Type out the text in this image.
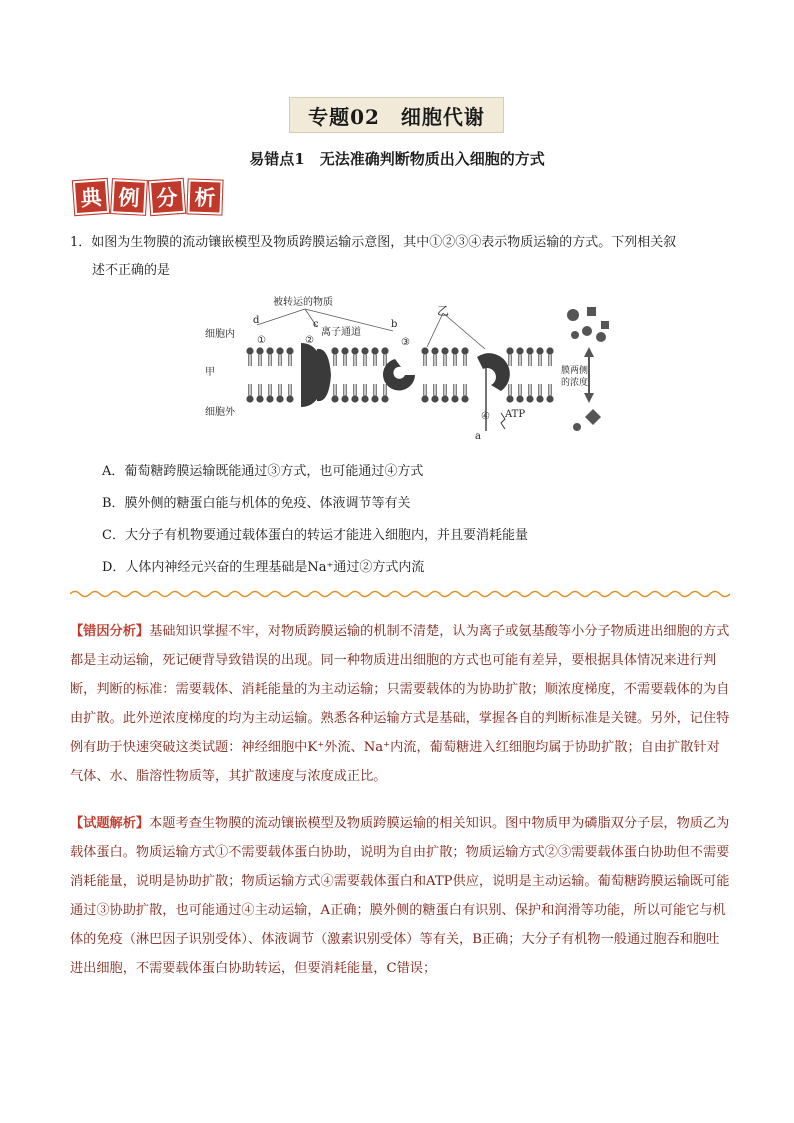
专题02　细胞代谢
易错点1　无法准确判断物质出入细胞的方式
典 例 分 析
1．如图为生物膜的流动镶嵌模型及物质跨膜运输示意图，其中①②③④表示物质运输的方式。下列相关叙
述不正确的是
被转运的物质
离子通道
细胞内
细胞外
甲
乙
ATP
膜两侧
的浓度
a
b
c
d
①	②	③
④
A．葡萄糖跨膜运输既能通过③方式，也可能通过④方式
B．膜外侧的糖蛋白能与机体的免疫、体液调节等有关
C．大分子有机物要通过载体蛋白的转运才能进入细胞内，并且要消耗能量
D．人体内神经元兴奋的生理基础是Na⁺通过②方式内流
【错因分析】基础知识掌握不牢，对物质跨膜运输的机制不清楚，认为离子或氨基酸等小分子物质进出细胞的方式都是主动运输，死记硬背导致错误的出现。同一种物质进出细胞的方式也可能有差异，要根据具体情况来进行判断，判断的标准：需要载体、消耗能量的为主动运输；只需要载体的为协助扩散；顺浓度梯度，不需要载体的为自由扩散。此外逆浓度梯度的均为主动运输。熟悉各种运输方式是基础，掌握各自的判断标准是关键。另外，记住特例有助于快速突破这类试题：神经细胞中K⁺外流、Na⁺内流，葡萄糖进入红细胞均属于协助扩散；自由扩散针对气体、水、脂溶性物质等，其扩散速度与浓度成正比。
【试题解析】本题考查生物膜的流动镶嵌模型及物质跨膜运输的相关知识。图中物质甲为磷脂双分子层，物质乙为载体蛋白。物质运输方式①不需要载体蛋白协助，说明为自由扩散；物质运输方式②③需要载体蛋白协助但不需要消耗能量，说明是协助扩散；物质运输方式④需要载体蛋白和ATP供应，说明是主动运输。葡萄糖跨膜运输既可能通过③协助扩散，也可能通过④主动运输，A正确；膜外侧的糖蛋白有识别、保护和润滑等功能，所以可能它与机体的免疫（淋巴因子识别受体）、体液调节（激素识别受体）等有关，B正确；大分子有机物一般通过胞吞和胞吐进出细胞，不需要载体蛋白协助转运，但要消耗能量，C错误；
